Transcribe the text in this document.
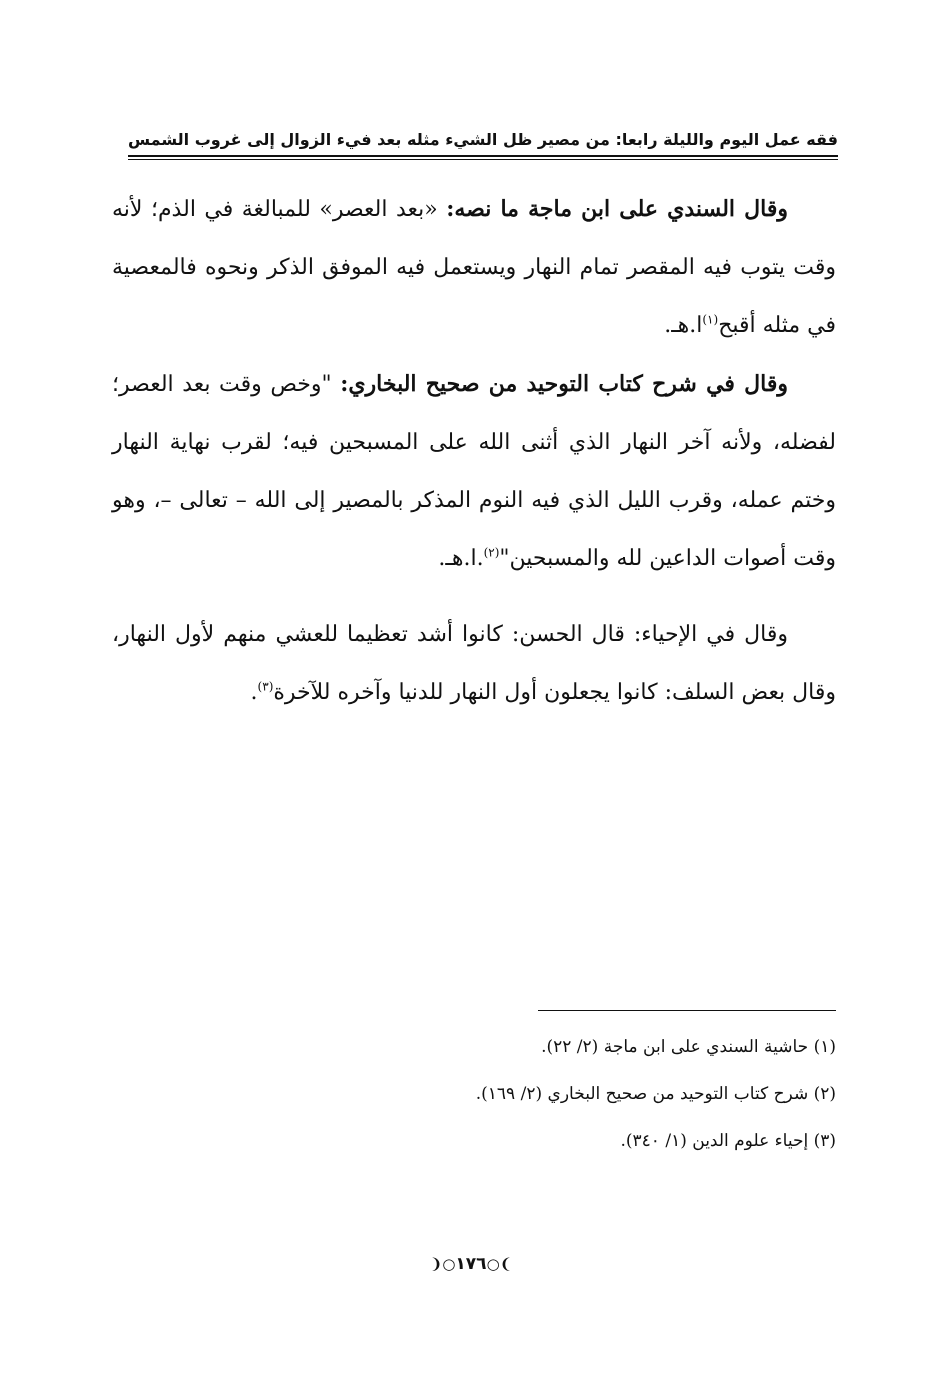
فقه عمل اليوم والليلة
رابعا: من مصير ظل الشيء مثله بعد فيء الزوال إلى غروب الشمس

وقال السندي على ابن ماجة ما نصه: «بعد العصر» للمبالغة في الذم؛ لأنه وقت يتوب فيه المقصر تمام النهار ويستعمل فيه الموفق الذكر ونحوه فالمعصية في مثله أقبح$^{(١)}$ا.هـ.

وقال في شرح كتاب التوحيد من صحيح البخاري: "وخص وقت بعد العصر؛ لفضله، ولأنه آخر النهار الذي أثنى الله على المسبحين فيه؛ لقرب نهاية النهار وختم عمله، وقرب الليل الذي فيه النوم المذكر بالمصير إلى الله – تعالى –، وهو وقت أصوات الداعين لله والمسبحين"$^{(٢)}$.ا.هـ.

وقال في الإحياء: قال الحسن: كانوا أشد تعظيما للعشي منهم لأول النهار، وقال بعض السلف: كانوا يجعلون أول النهار للدنيا وآخره للآخرة$^{(٣)}$.

(١) حاشية السندي على ابن ماجة (٢/ ٢٢).

(٢) شرح كتاب التوحيد من صحيح البخاري (٢/ ١٦٩).

(٣) إحياء علوم الدين (١/ ٣٤٠).

❩○١٧٦○❨
